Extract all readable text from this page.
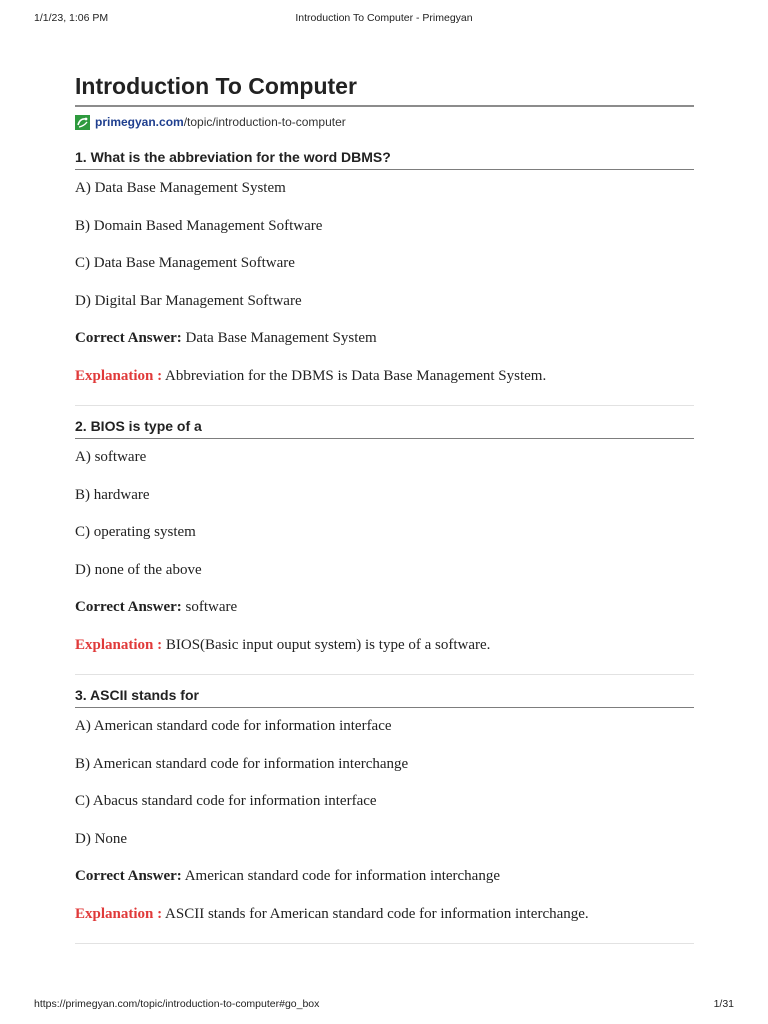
1/1/23, 1:06 PM	Introduction To Computer - Primegyan
Introduction To Computer
primegyan.com /topic/introduction-to-computer
1. What is the abbreviation for the word DBMS?
A) Data Base Management System
B) Domain Based Management Software
C) Data Base Management Software
D) Digital Bar Management Software
Correct Answer: Data Base Management System
Explanation : Abbreviation for the DBMS is Data Base Management System.
2. BIOS is type of a
A) software
B) hardware
C) operating system
D) none of the above
Correct Answer: software
Explanation : BIOS(Basic input ouput system) is type of a software.
3. ASCII stands for
A) American standard code for information interface
B) American standard code for information interchange
C) Abacus standard code for information interface
D) None
Correct Answer: American standard code for information interchange
Explanation : ASCII stands for American standard code for information interchange.
https://primegyan.com/topic/introduction-to-computer#go_box	1/31
